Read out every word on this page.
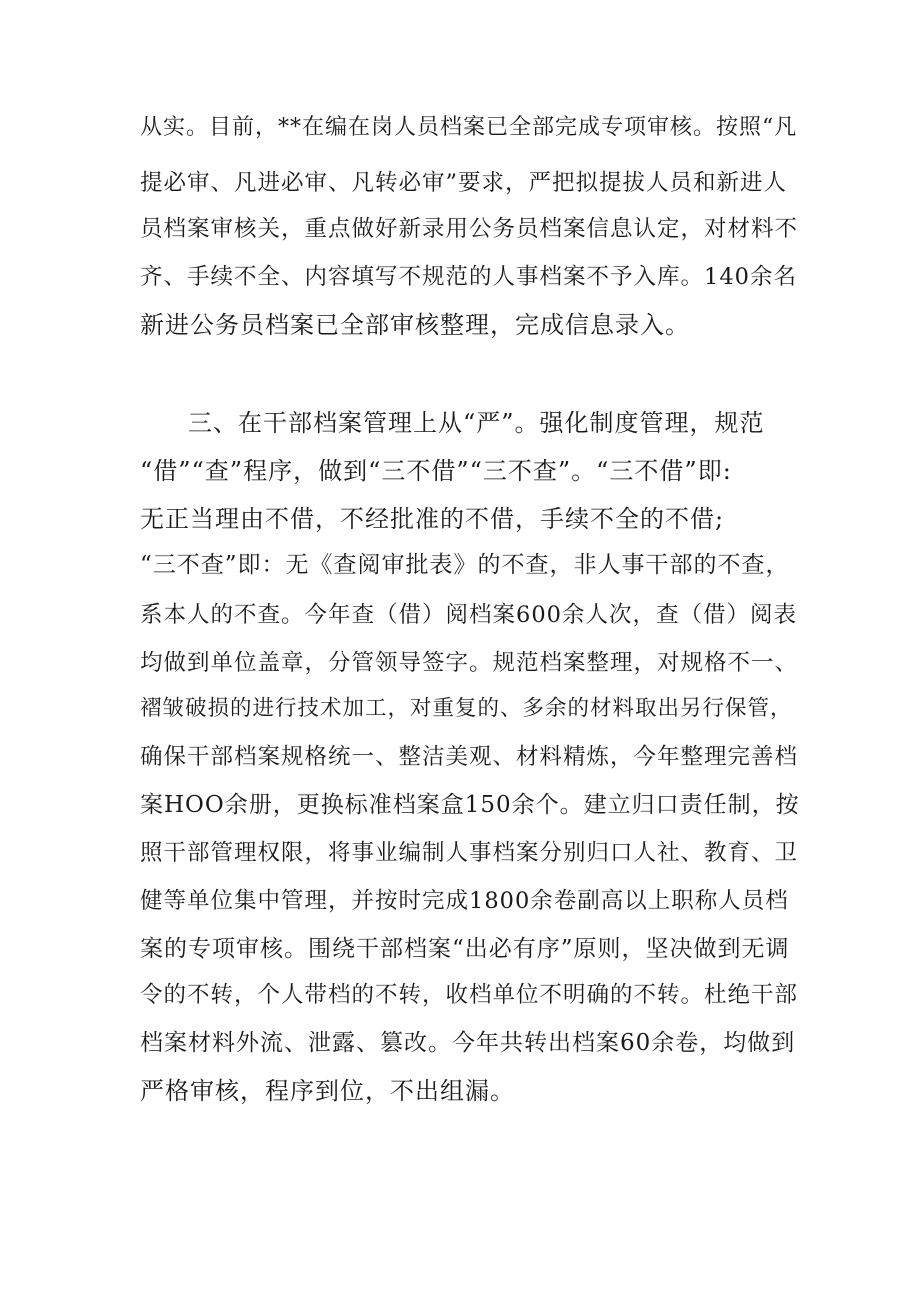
从实。目前，**在编在岗人员档案已全部完成专项审核。按照“凡
提必审、凡进必审、凡转必审”要求，严把拟提拔人员和新进人
员档案审核关，重点做好新录用公务员档案信息认定，对材料不
齐、手续不全、内容填写不规范的人事档案不予入库。140余名
新进公务员档案已全部审核整理，完成信息录入。
三、在干部档案管理上从“严”。强化制度管理，规范
“借”“查”程序，做到“三不借”“三不查”。“三不借”即:
无正当理由不借，不经批准的不借，手续不全的不借;
“三不查”即：无《查阅审批表》的不查，非人事干部的不查，
系本人的不查。今年查（借）阅档案600余人次，查（借）阅表
均做到单位盖章，分管领导签字。规范档案整理，对规格不一、
褶皱破损的进行技术加工，对重复的、多余的材料取出另行保管，
确保干部档案规格统一、整洁美观、材料精炼，今年整理完善档
案HOO余册，更换标准档案盒150余个。建立归口责任制，按
照干部管理权限，将事业编制人事档案分别归口人社、教育、卫
健等单位集中管理，并按时完成1800余卷副高以上职称人员档
案的专项审核。围绕干部档案“出必有序”原则，坚决做到无调
令的不转，个人带档的不转，收档单位不明确的不转。杜绝干部
档案材料外流、泄露、篡改。今年共转出档案60余卷，均做到
严格审核，程序到位，不出组漏。
